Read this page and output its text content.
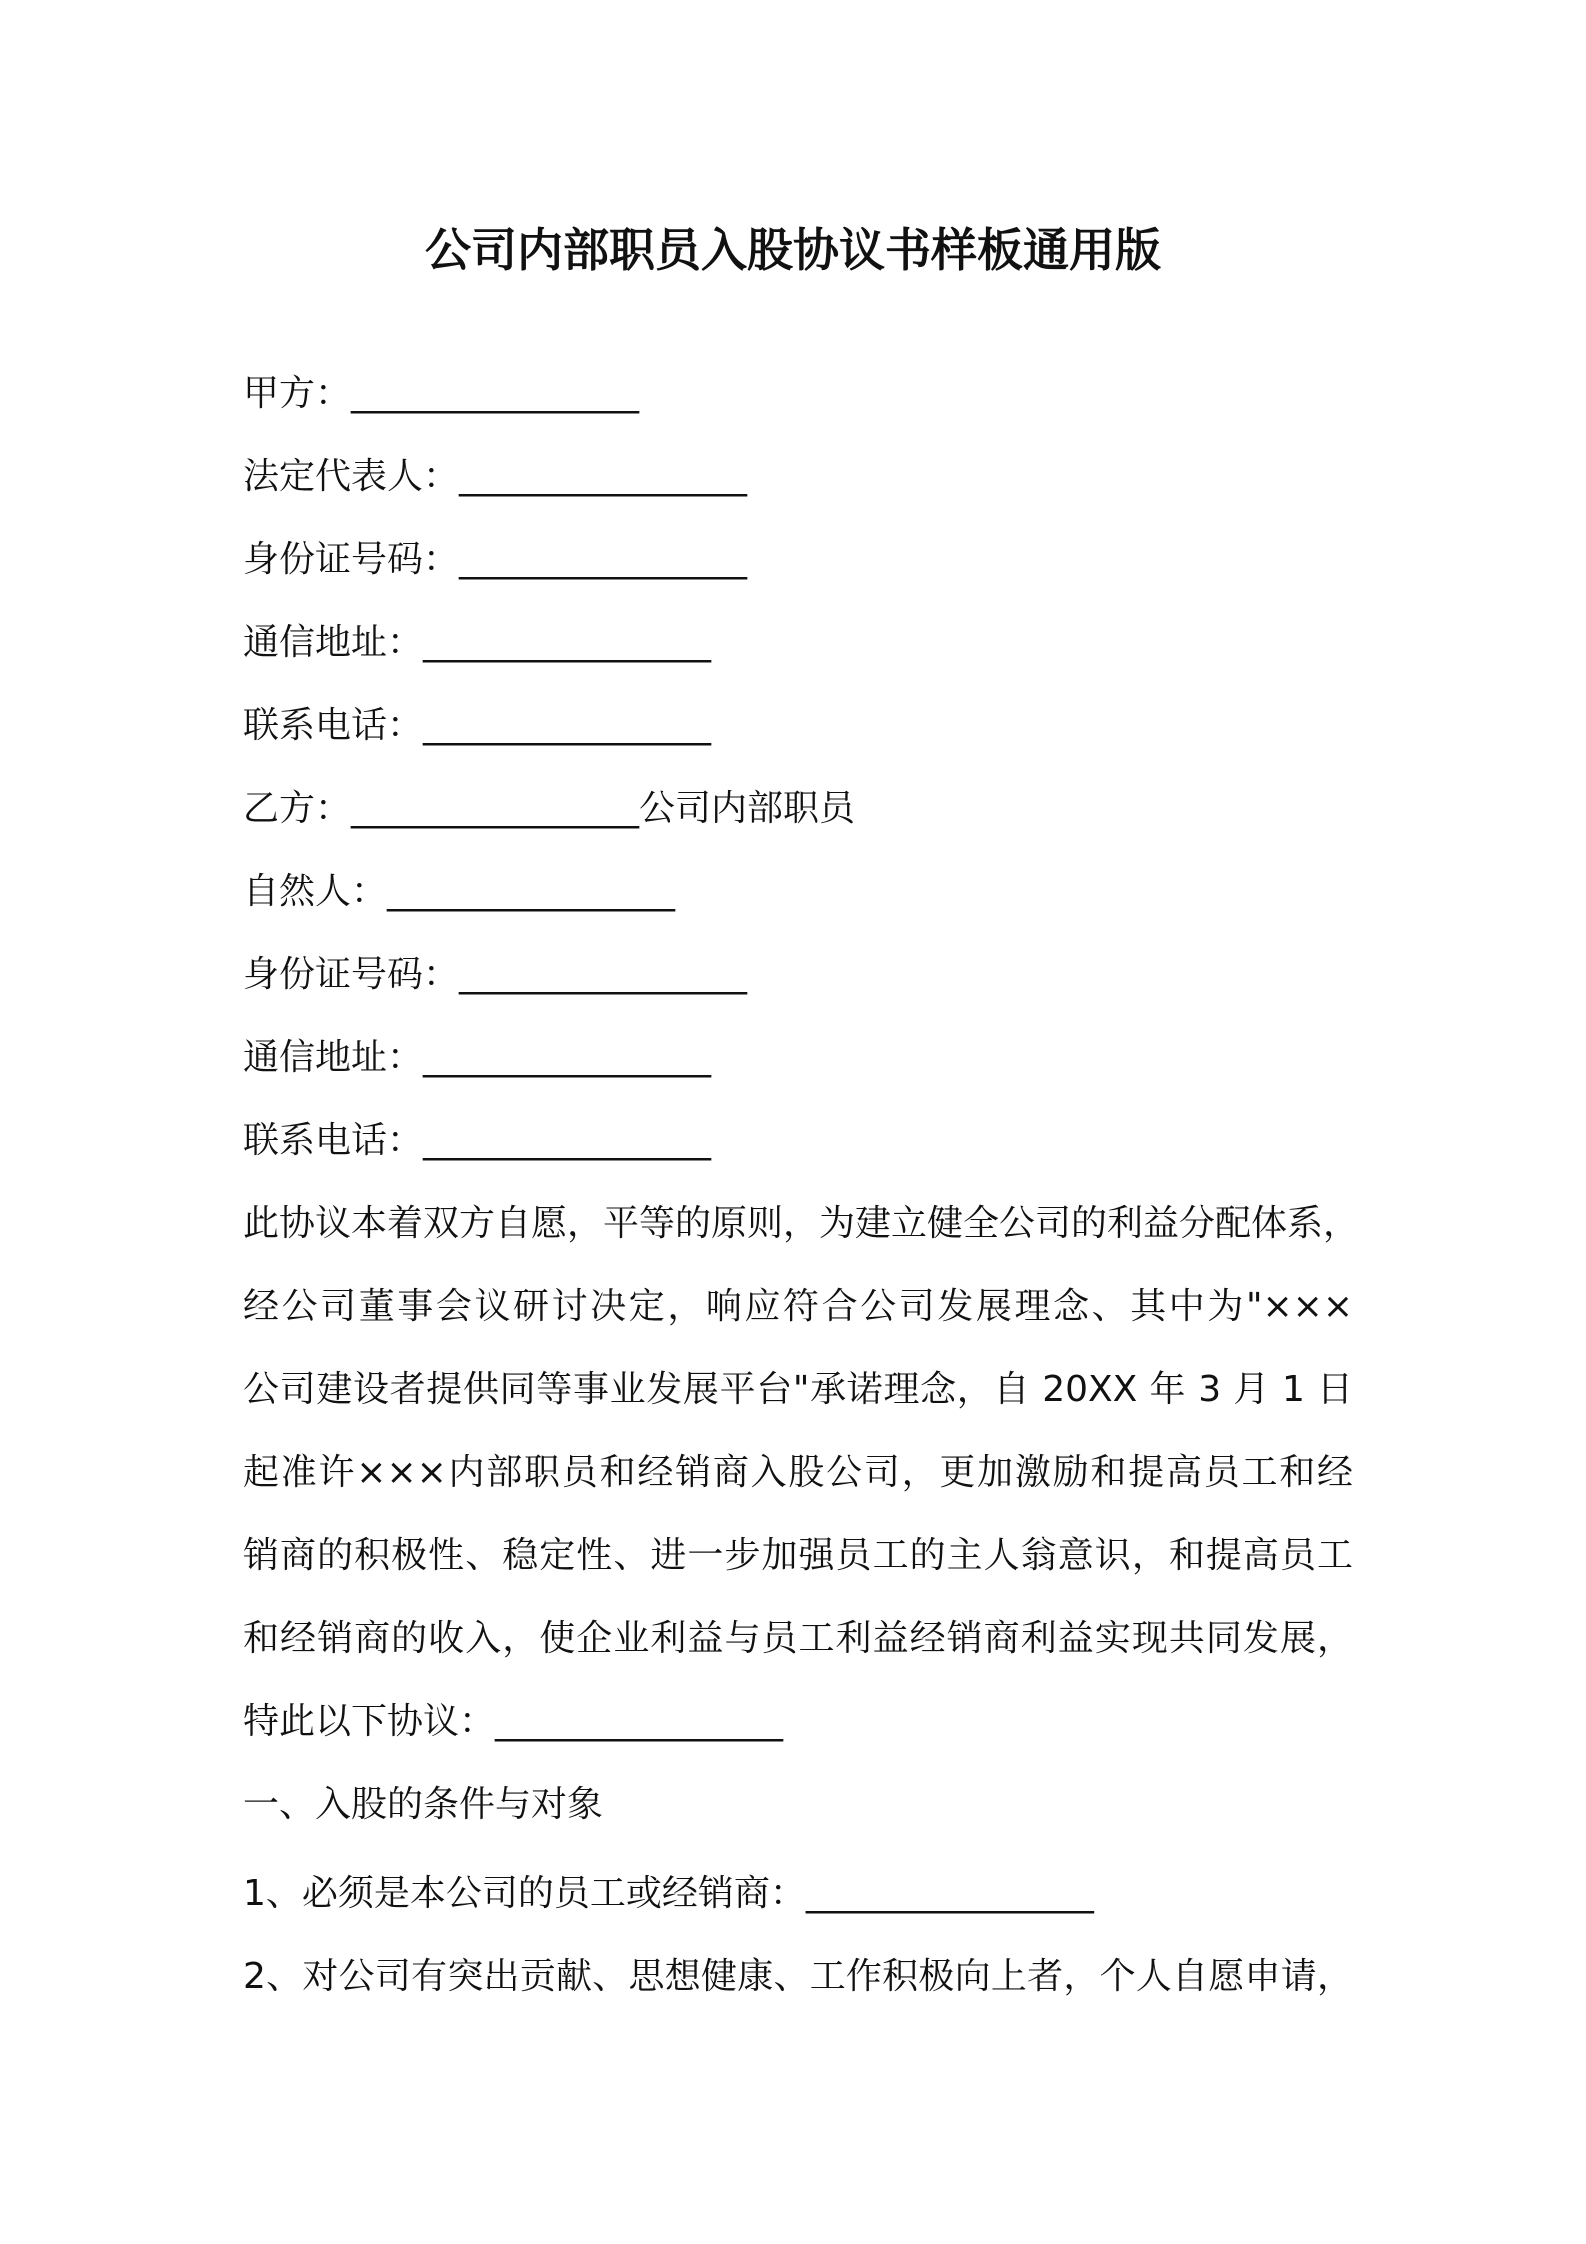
公司内部职员入股协议书样板通用版
甲方：________________
法定代表人：________________
身份证号码：________________
通信地址：________________
联系电话：________________
乙方：________________公司内部职员
自然人：________________
身份证号码：________________
通信地址：________________
联系电话：________________
此协议本着双方自愿，平等的原则，为建立健全公司的利益分配体系，
经公司董事会议研讨决定，响应符合公司发展理念、其中为"×××
公司建设者提供同等事业发展平台"承诺理念，自 20XX 年 3 月 1 日
起准许×××内部职员和经销商入股公司，更加激励和提高员工和经
销商的积极性、稳定性、进一步加强员工的主人翁意识，和提高员工
和经销商的收入，使企业利益与员工利益经销商利益实现共同发展，
特此以下协议：________________
一、入股的条件与对象
1、必须是本公司的员工或经销商：________________
2、对公司有突出贡献、思想健康、工作积极向上者，个人自愿申请，
